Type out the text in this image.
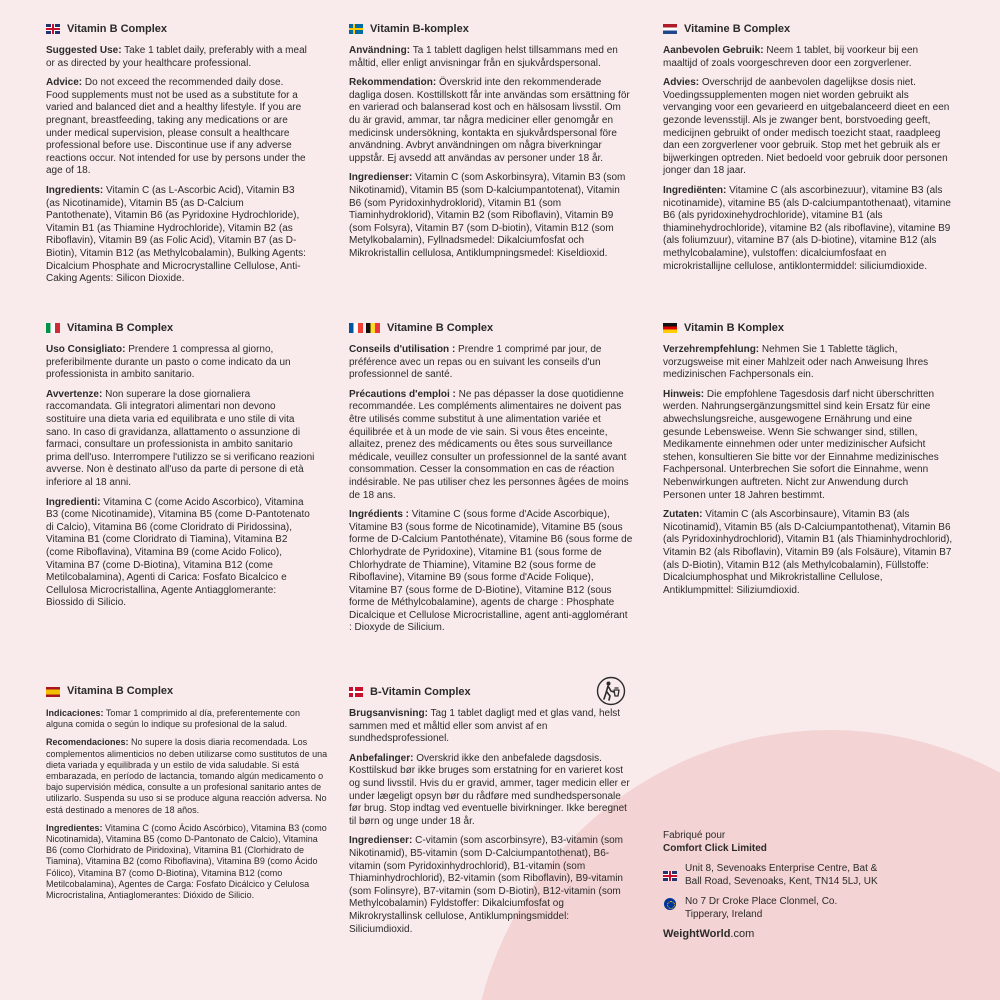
Vitamin B Complex

Suggested Use: Take 1 tablet daily, preferably with a meal or as directed by your healthcare professional.

Advice: Do not exceed the recommended daily dose. Food supplements must not be used as a substitute for a varied and balanced diet and a healthy lifestyle. If you are pregnant, breastfeeding, taking any medications or are under medical supervision, please consult a healthcare professional before use. Discontinue use if any adverse reactions occur. Not intended for use by persons under the age of 18.

Ingredients: Vitamin C (as L-Ascorbic Acid), Vitamin B3 (as Nicotinamide), Vitamin B5 (as D-Calcium Pantothenate), Vitamin B6 (as Pyridoxine Hydrochloride), Vitamin B1 (as Thiamine Hydrochloride), Vitamin B2 (as Riboflavin), Vitamin B9 (as Folic Acid), Vitamin B7 (as D-Biotin), Vitamin B12 (as Methylcobalamin), Bulking Agents: Dicalcium Phosphate and Microcrystalline Cellulose, Anti-Caking Agents: Silicon Dioxide.

Vitamin B-komplex

Användning: Ta 1 tablett dagligen helst tillsammans med en måltid, eller enligt anvisningar från en sjukvårdspersonal.

Rekommendation: Överskrid inte den rekommenderade dagliga dosen. Kosttillskott får inte användas som ersättning för en varierad och balanserad kost och en hälsosam livsstil. Om du är gravid, ammar, tar några mediciner eller genomgår en medicinsk undersökning, kontakta en sjukvårdspersonal före användning. Avbryt användningen om några biverkningar uppstår. Ej avsedd att användas av personer under 18 år.

Ingredienser: Vitamin C (som Askorbinsyra), Vitamin B3 (som Nikotinamid), Vitamin B5 (som D-kalciumpantotenat), Vitamin B6 (som Pyridoxinhydroklorid), Vitamin B1 (som Tiaminhydroklorid), Vitamin B2 (som Riboflavin), Vitamin B9 (som Folsyra), Vitamin B7 (som D-biotin), Vitamin B12 (som Metylkobalamin), Fyllnadsmedel: Dikalciumfosfat och Mikrokristallin cellulosa, Antiklumpningsmedel: Kiseldioxid.

Vitamine B Complex

Aanbevolen Gebruik: Neem 1 tablet, bij voorkeur bij een maaltijd of zoals voorgeschreven door een zorgverlener.

Advies: Overschrijd de aanbevolen dagelijkse dosis niet. Voedingssupplementen mogen niet worden gebruikt als vervanging voor een gevarieerd en uitgebalanceerd dieet en een gezonde levensstijl. Als je zwanger bent, borstvoeding geeft, medicijnen gebruikt of onder medisch toezicht staat, raadpleeg dan een zorgverlener voor gebruik. Stop met het gebruik als er bijwerkingen optreden. Niet bedoeld voor gebruik door personen jonger dan 18 jaar.

Ingrediënten: Vitamine C (als ascorbinezuur), vitamine B3 (als nicotinamide), vitamine B5 (als D-calciumpantothenaat), vitamine B6 (als pyridoxinehydrochloride), vitamine B1 (als thiaminehydrochloride), vitamine B2 (als riboflavine), vitamine B9 (als foliumzuur), vitamine B7 (als D-biotine), vitamine B12 (als methylcobalamine), vulstoffen: dicalciumfosfaat en microkristallijne cellulose, antiklontermiddel: siliciumdioxide.

Vitamina B Complex

Uso Consigliato: Prendere 1 compressa al giorno, preferibilmente durante un pasto o come indicato da un professionista in ambito sanitario.

Avvertenze: Non superare la dose giornaliera raccomandata. Gli integratori alimentari non devono sostituire una dieta varia ed equilibrata e uno stile di vita sano. In caso di gravidanza, allattamento o assunzione di farmaci, consultare un professionista in ambito sanitario prima dell'uso. Interrompere l'utilizzo se si verificano reazioni avverse. Non è destinato all'uso da parte di persone di età inferiore al 18 anni.

Ingredienti: Vitamina C (come Acido Ascorbico), Vitamina B3 (come Nicotinamide), Vitamina B5 (come D-Pantotenato di Calcio), Vitamina B6 (come Cloridrato di Piridossina), Vitamina B1 (come Cloridrato di Tiamina), Vitamina B2 (come Riboflavina), Vitamina B9 (come Acido Folico), Vitamina B7 (come D-Biotina), Vitamina B12 (come Metilcobalamina), Agenti di Carica: Fosfato Bicalcico e Cellulosa Microcristallina, Agente Antiagglomerante: Biossido di Silicio.

Vitamine B Complex

Conseils d'utilisation : Prendre 1 comprimé par jour, de préférence avec un repas ou en suivant les conseils d'un professionnel de santé.

Précautions d'emploi : Ne pas dépasser la dose quotidienne recommandée. Les compléments alimentaires ne doivent pas être utilisés comme substitut à une alimentation variée et équilibrée et à un mode de vie sain. Si vous êtes enceinte, allaitez, prenez des médicaments ou êtes sous surveillance médicale, veuillez consulter un professionnel de la santé avant consommation. Cesser la consommation en cas de réaction indésirable. Ne pas utiliser chez les personnes âgées de moins de 18 ans.

Ingrédients : Vitamine C (sous forme d'Acide Ascorbique), Vitamine B3 (sous forme de Nicotinamide), Vitamine B5 (sous forme de D-Calcium Pantothénate), Vitamine B6 (sous forme de Chlorhydrate de Pyridoxine), Vitamine B1 (sous forme de Chlorhydrate de Thiamine), Vitamine B2 (sous forme de Riboflavine), Vitamine B9 (sous forme d'Acide Folique), Vitamine B7 (sous forme de D-Biotine), Vitamine B12 (sous forme de Méthylcobalamine), agents de charge : Phosphate Dicalcique et Cellulose Microcristalline, agent anti-agglomérant : Dioxyde de Silicium.

Vitamin B Komplex

Verzehrempfehlung: Nehmen Sie 1 Tablette täglich, vorzugsweise mit einer Mahlzeit oder nach Anweisung Ihres medizinischen Fachpersonals ein.

Hinweis: Die empfohlene Tagesdosis darf nicht überschritten werden. Nahrungsergänzungsmittel sind kein Ersatz für eine abwechslungsreiche, ausgewogene Ernährung und eine gesunde Lebensweise. Wenn Sie schwanger sind, stillen, Medikamente einnehmen oder unter medizinischer Aufsicht stehen, konsultieren Sie bitte vor der Einnahme medizinisches Fachpersonal. Unterbrechen Sie sofort die Einnahme, wenn Nebenwirkungen auftreten. Nicht zur Anwendung durch Personen unter 18 Jahren bestimmt.

Zutaten: Vitamin C (als Ascorbinsaure), Vitamin B3 (als Nicotinamid), Vitamin B5 (als D-Calciumpantothenat), Vitamin B6 (als Pyridoxinhydrochlorid), Vitamin B1 (als Thiaminhydrochlorid), Vitamin B2 (als Riboflavin), Vitamin B9 (als Folsäure), Vitamin B7 (als D-Biotin), Vitamin B12 (als Methylcobalamin), Füllstoffe: Dicalciumphosphat und Mikrokristalline Cellulose, Antiklumpmittel: Siliziumdioxid.

Vitamina B Complex

Indicaciones: Tomar 1 comprimido al día, preferentemente con alguna comida o según lo indique su profesional de la salud.

Recomendaciones: No supere la dosis diaria recomendada. Los complementos alimenticios no deben utilizarse como sustitutos de una dieta variada y equilibrada y un estilo de vida saludable. Si está embarazada, en período de lactancia, tomando algún medicamento o bajo supervisión médica, consulte a un profesional sanitario antes de utilizarlo. Suspenda su uso si se produce alguna reacción adversa. No está destinado a menores de 18 años.

Ingredientes: Vitamina C (como Ácido Ascórbico), Vitamina B3 (como Nicotinamida), Vitamina B5 (como D-Pantonato de Calcio), Vitamina B6 (como Clorhidrato de Piridoxina), Vitamina B1 (Clorhidrato de Tiamina), Vitamina B2 (como Riboflavina), Vitamina B9 (como Ácido Fólico), Vitamina B7 (como D-Biotina), Vitamina B12 (como Metilcobalamina), Agentes de Carga: Fosfato Dicálcico y Celulosa Microcristalina, Antiaglomerantes: Dióxido de Silicio.

B-Vitamin Complex

Brugsanvisning: Tag 1 tablet dagligt med et glas vand, helst sammen med et måltid eller som anvist af en sundhedsprofessionel.

Anbefalinger: Overskrid ikke den anbefalede dagsdosis. Kosttilskud bør ikke bruges som erstatning for en varieret kost og sund livsstil. Hvis du er gravid, ammer, tager medicin eller er under lægeligt opsyn bør du rådføre med sundhedspersonale før brug. Stop indtag ved eventuelle bivirkninger. Ikke beregnet til børn og unge under 18 år.

Ingredienser: C-vitamin (som ascorbinsyre), B3-vitamin (som Nikotinamid), B5-vitamin (som D-Calciumpantothenat), B6-vitamin (som Pyridoxinhydrochlorid), B1-vitamin (som Thiaminhydrochlorid), B2-vitamin (som Riboflavin), B9-vitamin (som Folinsyre), B7-vitamin (som D-Biotin), B12-vitamin (som Methylcobalamin) Fyldstoffer: Dikalciumfosfat og Mikrokrystallinsk cellulose, Antiklumpningsmiddel: Siliciumdioxid.

Fabriqué pour
Comfort Click Limited
Unit 8, Sevenoaks Enterprise Centre, Bat & Ball Road, Sevenoaks, Kent, TN14 5LJ, UK
No 7 Dr Croke Place Clonmel, Co. Tipperary, Ireland
WeightWorld.com
